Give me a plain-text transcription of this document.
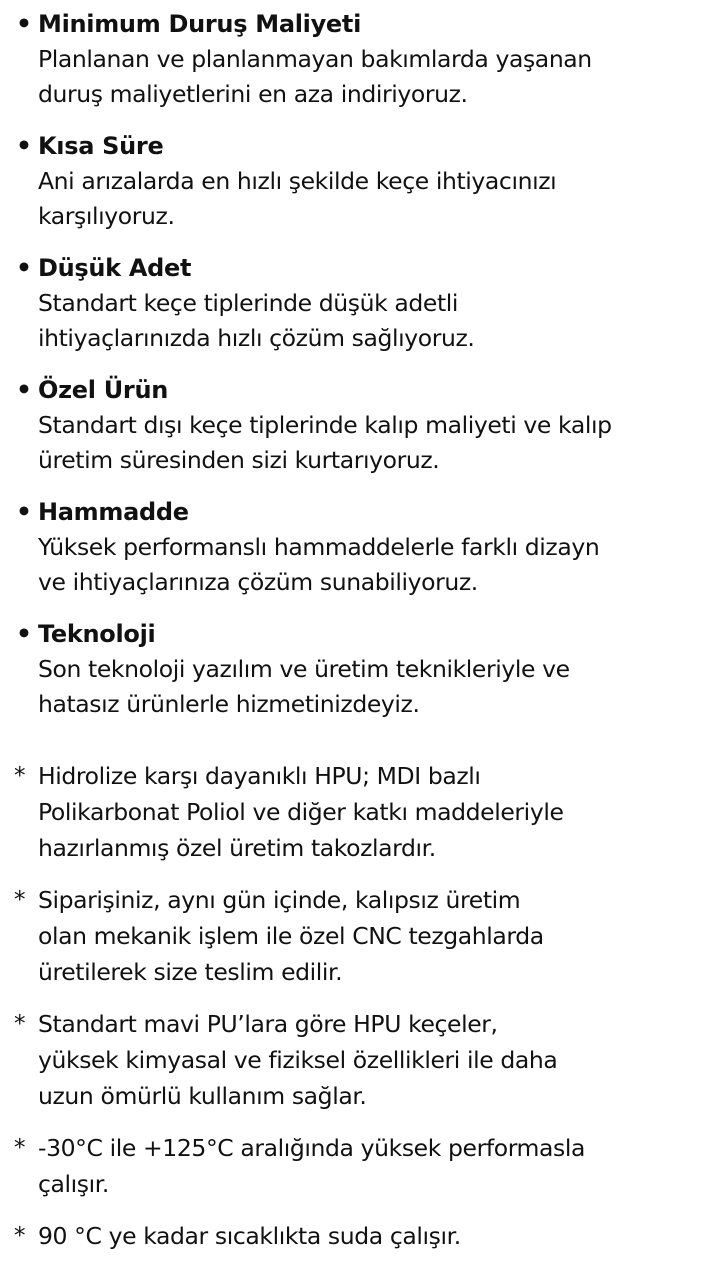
• Minimum Duruş Maliyeti
Planlanan ve planlanmayan bakımlarda yaşanan
duruş maliyetlerini en aza indiriyoruz.
• Kısa Süre
Ani arızalarda en hızlı şekilde keçe ihtiyacınızı
karşılıyoruz.
• Düşük Adet
Standart keçe tiplerinde düşük adetli
ihtiyaçlarınızda hızlı çözüm sağlıyoruz.
• Özel Ürün
Standart dışı keçe tiplerinde kalıp maliyeti ve kalıp
üretim süresinden sizi kurtarıyoruz.
• Hammadde
Yüksek performanslı hammaddelerle farklı dizayn
ve ihtiyaçlarınıza çözüm sunabiliyoruz.
• Teknoloji
Son teknoloji yazılım ve üretim teknikleriyle ve
hatasız ürünlerle hizmetinizdeyiz.
* Hidrolize karşı dayanıklı HPU; MDI bazlı
Polikarbonat Poliol ve diğer katkı maddeleriyle
hazırlanmış özel üretim takozlardır.
* Siparişiniz, aynı gün içinde, kalıpsız üretim
olan mekanik işlem ile özel CNC tezgahlarda
üretilerek size teslim edilir.
* Standart mavi PU’lara göre HPU keçeler,
yüksek kimyasal ve fiziksel özellikleri ile daha
uzun ömürlü kullanım sağlar.
* -30°C ile +125°C aralığında yüksek performasla
çalışır.
* 90 °C ye kadar sıcaklıkta suda çalışır.
